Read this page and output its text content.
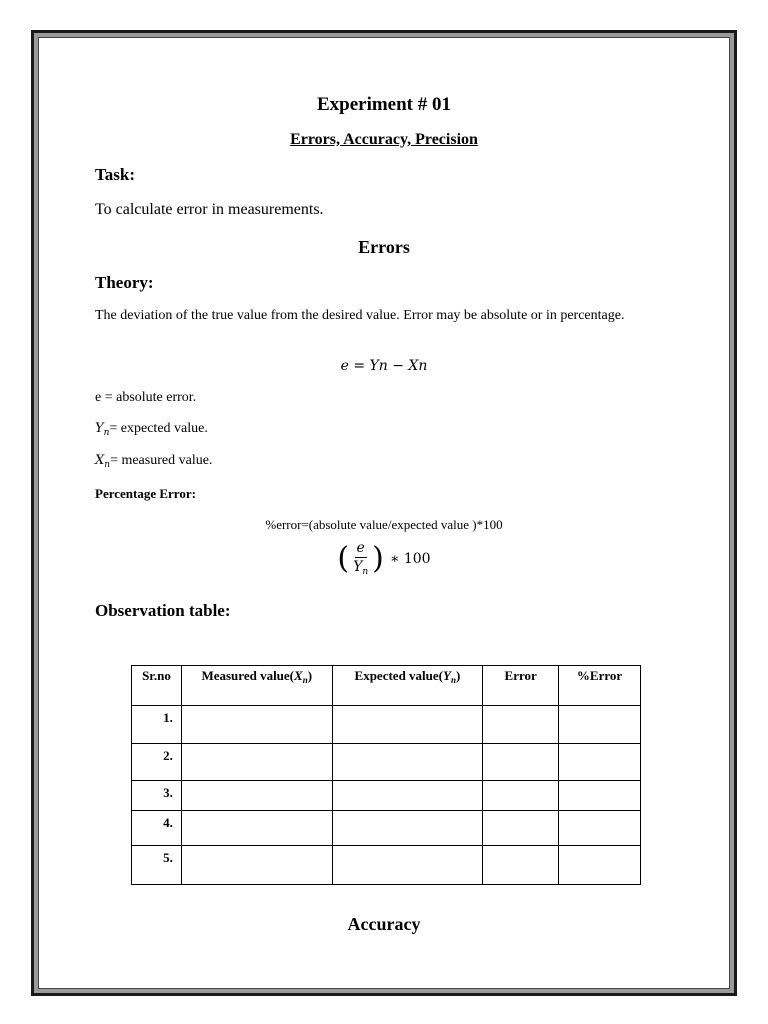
Experiment # 01
Errors, Accuracy, Precision
Task:
To calculate error in measurements.
Errors
Theory:
The deviation of the true value from the desired value. Error may be absolute or in percentage.
e = Yn − Xn
e = absolute error.
$Y_n=$ expected value.
$X_n=$ measured value.
Percentage Error:
%error=(absolute value/expected value )*100
( $\frac{e}{Y_n}$ ) ∗ 100
Observation table:
Sr.no	Measured $value(X_n)$	Expected $value(Y_n)$	Error	%Error
1.				
2.				
3.				
4.				
5.				
Accuracy
